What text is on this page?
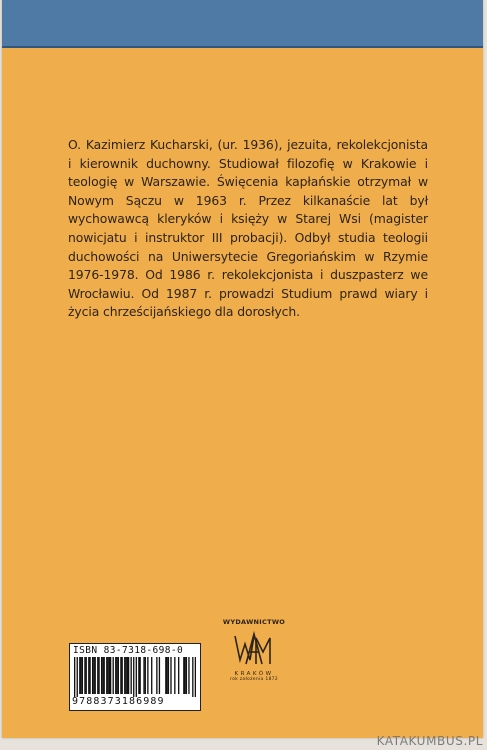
O. Kazimierz Kucharski, (ur. 1936), jezuita, rekolekcjonista i kierownik duchowny. Studiował filozofię w Krakowie i teologię w Warszawie. Święcenia kapłańskie otrzymał w Nowym Sączu w 1963 r. Przez kilkanaście lat był wychowawcą kleryków i księży w Starej Wsi (magister nowicjatu i instruktor III probacji). Odbył studia teologii duchowości na Uniwersytecie Gregoriańskim w Rzymie 1976-1978. Od 1986 r. rekolekcjonista i duszpasterz we Wrocławiu. Od 1987 r. prowadzi Studium prawd wiary i życia chrześcijańskiego dla dorosłych.

ISBN 83-7318-698-0
9788373186989
WYDAWNICTWO
KRAKÓW
rok założenia 1872
KATAKUMBUS.PL
